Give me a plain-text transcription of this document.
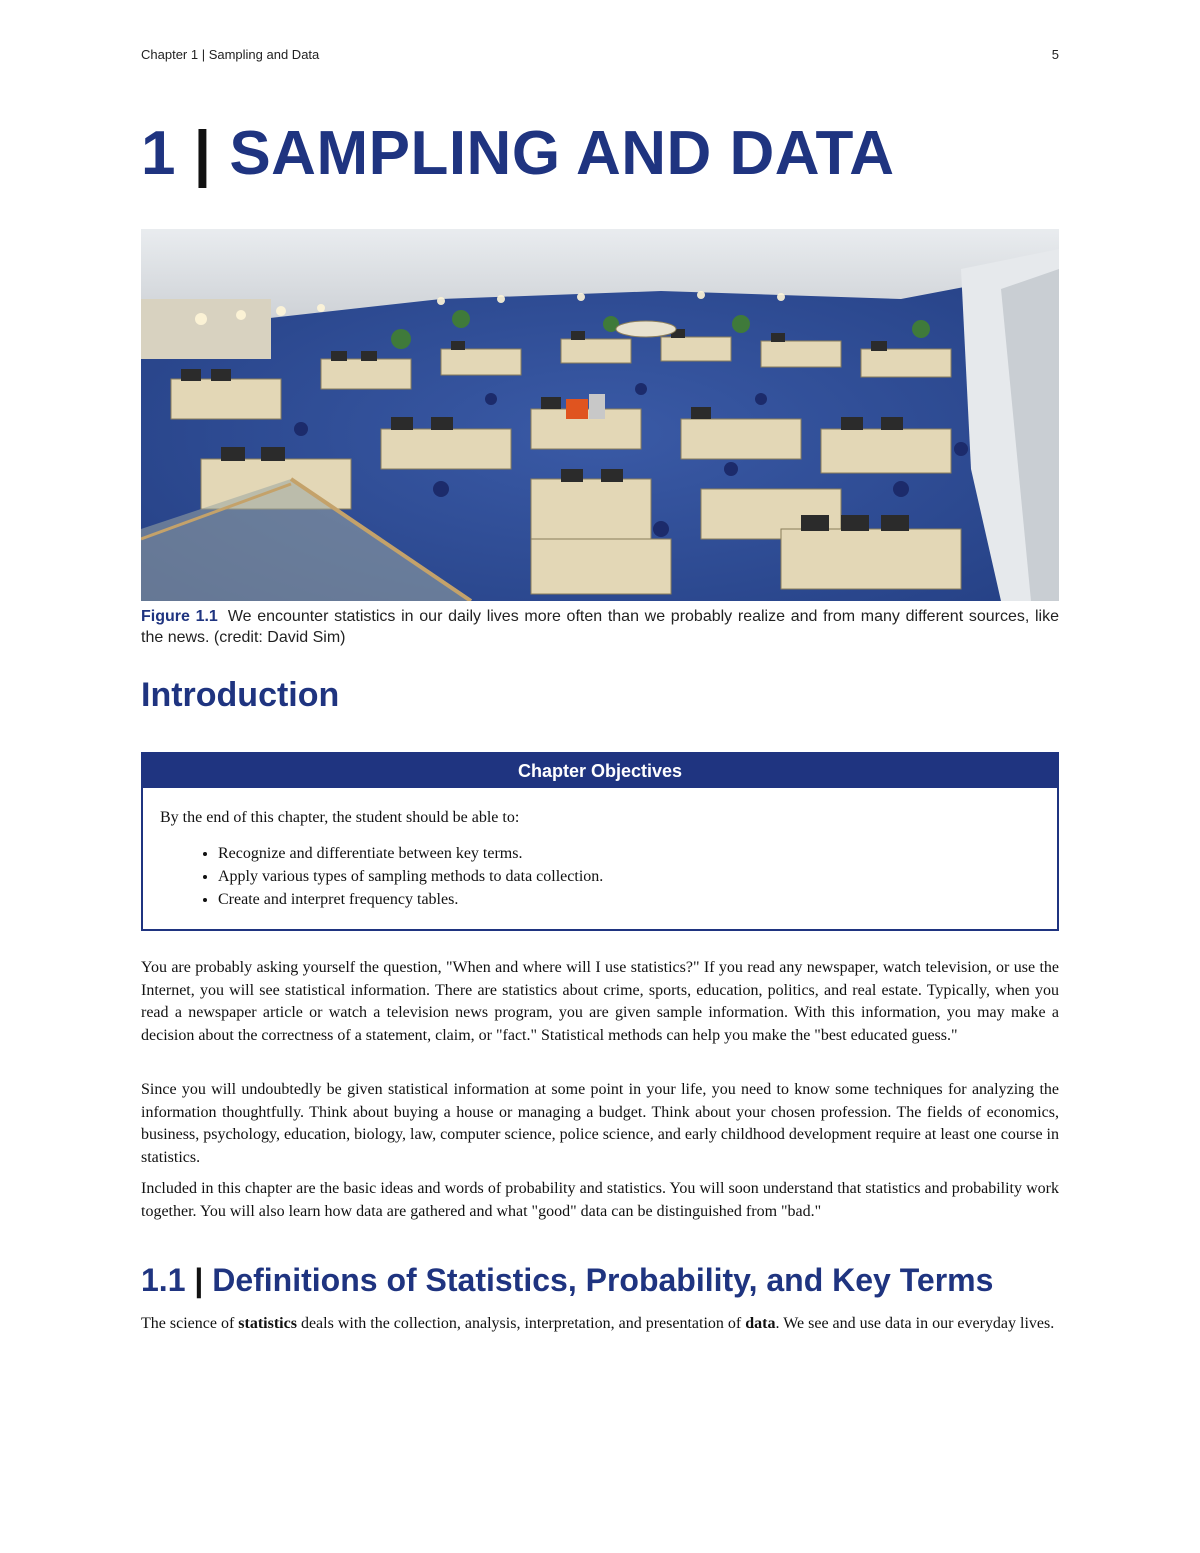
Chapter 1 | Sampling and Data	5
1 | SAMPLING AND DATA
Figure 1.1 We encounter statistics in our daily lives more often than we probably realize and from many different sources, like the news. (credit: David Sim)
Introduction
Chapter Objectives
By the end of this chapter, the student should be able to:
• Recognize and differentiate between key terms.
• Apply various types of sampling methods to data collection.
• Create and interpret frequency tables.

You are probably asking yourself the question, "When and where will I use statistics?" If you read any newspaper, watch television, or use the Internet, you will see statistical information. There are statistics about crime, sports, education, politics, and real estate. Typically, when you read a newspaper article or watch a television news program, you are given sample information. With this information, you may make a decision about the correctness of a statement, claim, or "fact." Statistical methods can help you make the "best educated guess."

Since you will undoubtedly be given statistical information at some point in your life, you need to know some techniques for analyzing the information thoughtfully. Think about buying a house or managing a budget. Think about your chosen profession. The fields of economics, business, psychology, education, biology, law, computer science, police science, and early childhood development require at least one course in statistics.

Included in this chapter are the basic ideas and words of probability and statistics. You will soon understand that statistics and probability work together. You will also learn how data are gathered and what "good" data can be distinguished from "bad."

1.1 | Definitions of Statistics, Probability, and Key Terms

The science of statistics deals with the collection, analysis, interpretation, and presentation of data. We see and use data in our everyday lives.
